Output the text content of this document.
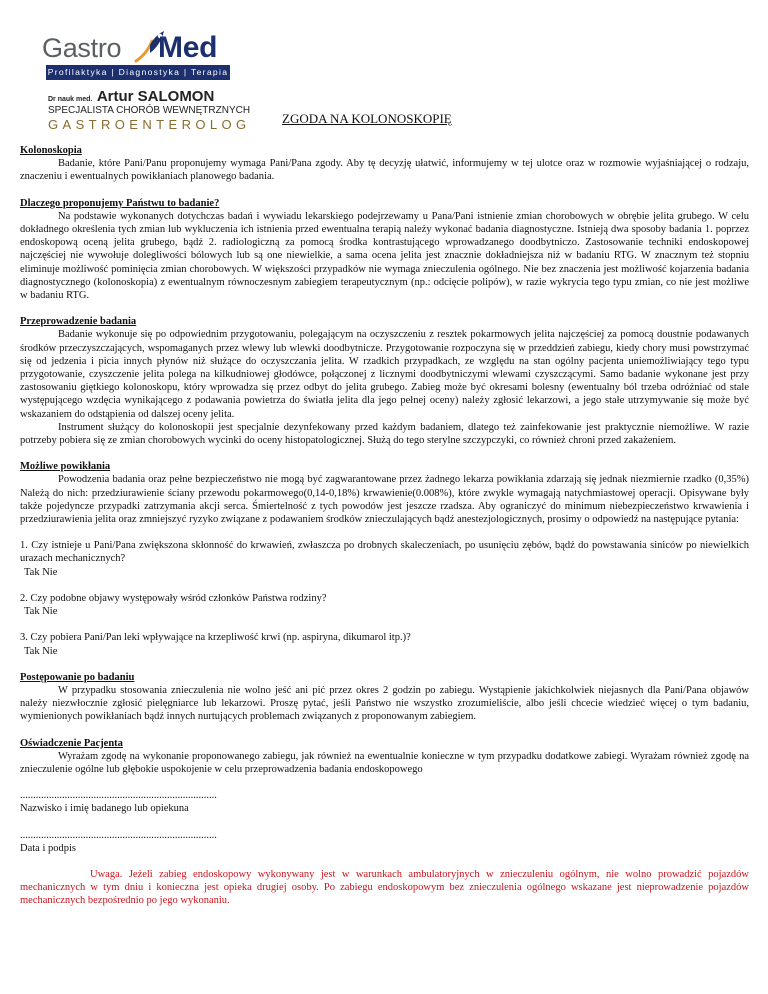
Gastro Med
Profilaktyka | Diagnostyka | Terapia
Dr nauk med. Artur SALOMON
SPECJALISTA CHORÓB WEWNĘTRZNYCH
GASTROENTEROLOG ZGODA NA KOLONOSKOPIĘ

Kolonoskopia

Badanie, które Pani/Panu proponujemy wymaga Pani/Pana zgody. Aby tę decyzję ułatwić, informujemy w tej ulotce oraz w rozmowie wyjaśniającej o rodzaju, znaczeniu i ewentualnych powikłaniach planowego badania.

Dlaczego proponujemy Państwu to badanie?

Na podstawie wykonanych dotychczas badań i wywiadu lekarskiego podejrzewamy u Pana/Pani istnienie zmian chorobowych w obrębie jelita grubego. W celu dokładnego określenia tych zmian lub wykluczenia ich istnienia przed ewentualna terapią należy wykonać badania diagnostyczne. Istnieją dwa sposoby badania 1. poprzez endoskopową oceną jelita grubego, bądź 2. radiologiczną za pomocą środka kontrastującego wprowadzanego doodbytniczo. Zastosowanie techniki endoskopowej najczęściej nie wywołuje dolegliwości bólowych lub są one niewielkie, a sama ocena jelita jest znacznie dokładniejsza niż w badaniu RTG. W znacznym też stopniu eliminuje możliwość pominięcia zmian chorobowych. W większości przypadków nie wymaga znieczulenia ogólnego. Nie bez znaczenia jest możliwość kojarzenia badania diagnostycznego (kolonoskopia) z ewentualnym równoczesnym zabiegiem terapeutycznym (np.: odcięcie polipów), w razie wykrycia tego typu zmian, co nie jest możliwe w badaniu RTG.

Przeprowadzenie badania

Badanie wykonuje się po odpowiednim przygotowaniu, polegającym na oczyszczeniu z resztek pokarmowych jelita najczęściej za pomocą doustnie podawanych środków przeczyszczających, wspomaganych przez wlewy lub wlewki doodbytnicze. Przygotowanie rozpoczyna się w przeddzień zabiegu, kiedy chory musi powstrzymać się od jedzenia i picia innych płynów niż służące do oczyszczania jelita. W rzadkich przypadkach, ze względu na stan ogólny pacjenta uniemożliwiający tego typu przygotowanie, czyszczenie jelita polega na kilkudniowej głodówce, połączonej z licznymi doodbytniczymi wlewami czyszczącymi. Samo badanie wykonane jest przy zastosowaniu giętkiego kolonoskopu, który wprowadza się przez odbyt do jelita grubego. Zabieg może być okresami bolesny (ewentualny ból trzeba odróżniać od stale występującego wzdęcia wynikającego z podawania powietrza do światła jelita dla jego pełnej oceny) należy zgłosić lekarzowi, a jego stałe utrzymywanie się może być wskazaniem do odstąpienia od dalszej oceny jelita.

Instrument służący do kolonoskopii jest specjalnie dezynfekowany przed każdym badaniem, dlatego też zainfekowanie jest praktycznie niemożliwe. W razie potrzeby pobiera się ze zmian chorobowych wycinki do oceny histopatologicznej. Służą do tego sterylne szczypczyki, co również chroni przed zakażeniem.

Możliwe powikłania

Powodzenia badania oraz pełne bezpieczeństwo nie mogą być zagwarantowane przez żadnego lekarza powikłania zdarzają się jednak niezmiernie rzadko (0,35%) Należą do nich: przedziurawienie ściany przewodu pokarmowego(0,14-0,18%) krwawienie(0.008%), które zwykle wymagają natychmiastowej operacji. Opisywane były także pojedyncze przypadki zatrzymania akcji serca. Śmiertelność z tych powodów jest jeszcze rzadsza. Aby ograniczyć do minimum niebezpieczeństwo krwawienia i przedziurawienia jelita oraz zmniejszyć ryzyko związane z podawaniem środków znieczulających bądź anestezjologicznych, prosimy o odpowiedź na następujące pytania:

1. Czy istnieje u Pani/Pana zwiększona skłonność do krwawień, zwłaszcza po drobnych skaleczeniach, po usunięciu zębów, bądź do powstawania siniców po niewielkich urazach mechanicznych?

Tak Nie

2. Czy podobne objawy występowały wśród członków Państwa rodziny?

Tak Nie

3. Czy pobiera Pani/Pan leki wpływające na krzepliwość krwi (np. aspiryna, dikumarol itp.)?

Tak Nie

Postępowanie po badaniu

W przypadku stosowania znieczulenia nie wolno jeść ani pić przez okres 2 godzin po zabiegu. Wystąpienie jakichkolwiek niejasnych dla Pani/Pana objawów należy niezwłocznie zgłosić pielęgniarce lub lekarzowi. Proszę pytać, jeśli Państwo nie wszystko zrozumieliście, albo jeśli chcecie wiedzieć więcej o tym badaniu, wymienionych powikłaniach bądź innych nurtujących problemach związanych z proponowanym zabiegiem.

Oświadczenie Pacjenta

Wyrażam zgodę na wykonanie proponowanego zabiegu, jak również na ewentualnie konieczne w tym przypadku dodatkowe zabiegi. Wyrażam również zgodę na znieczulenie ogólne lub głębokie uspokojenie w celu przeprowadzenia badania endoskopowego

...........................................................................

Nazwisko i imię badanego lub opiekuna

...........................................................................

Data i podpis

Uwaga. Jeżeli zabieg endoskopowy wykonywany jest w warunkach ambulatoryjnych w znieczuleniu ogólnym, nie wolno prowadzić pojazdów mechanicznych w tym dniu i konieczna jest opieka drugiej osoby. Po zabiegu endoskopowym bez znieczulenia ogólnego wskazane jest nieprowadzenie pojazdów mechanicznych bezpośrednio po jego wykonaniu.
